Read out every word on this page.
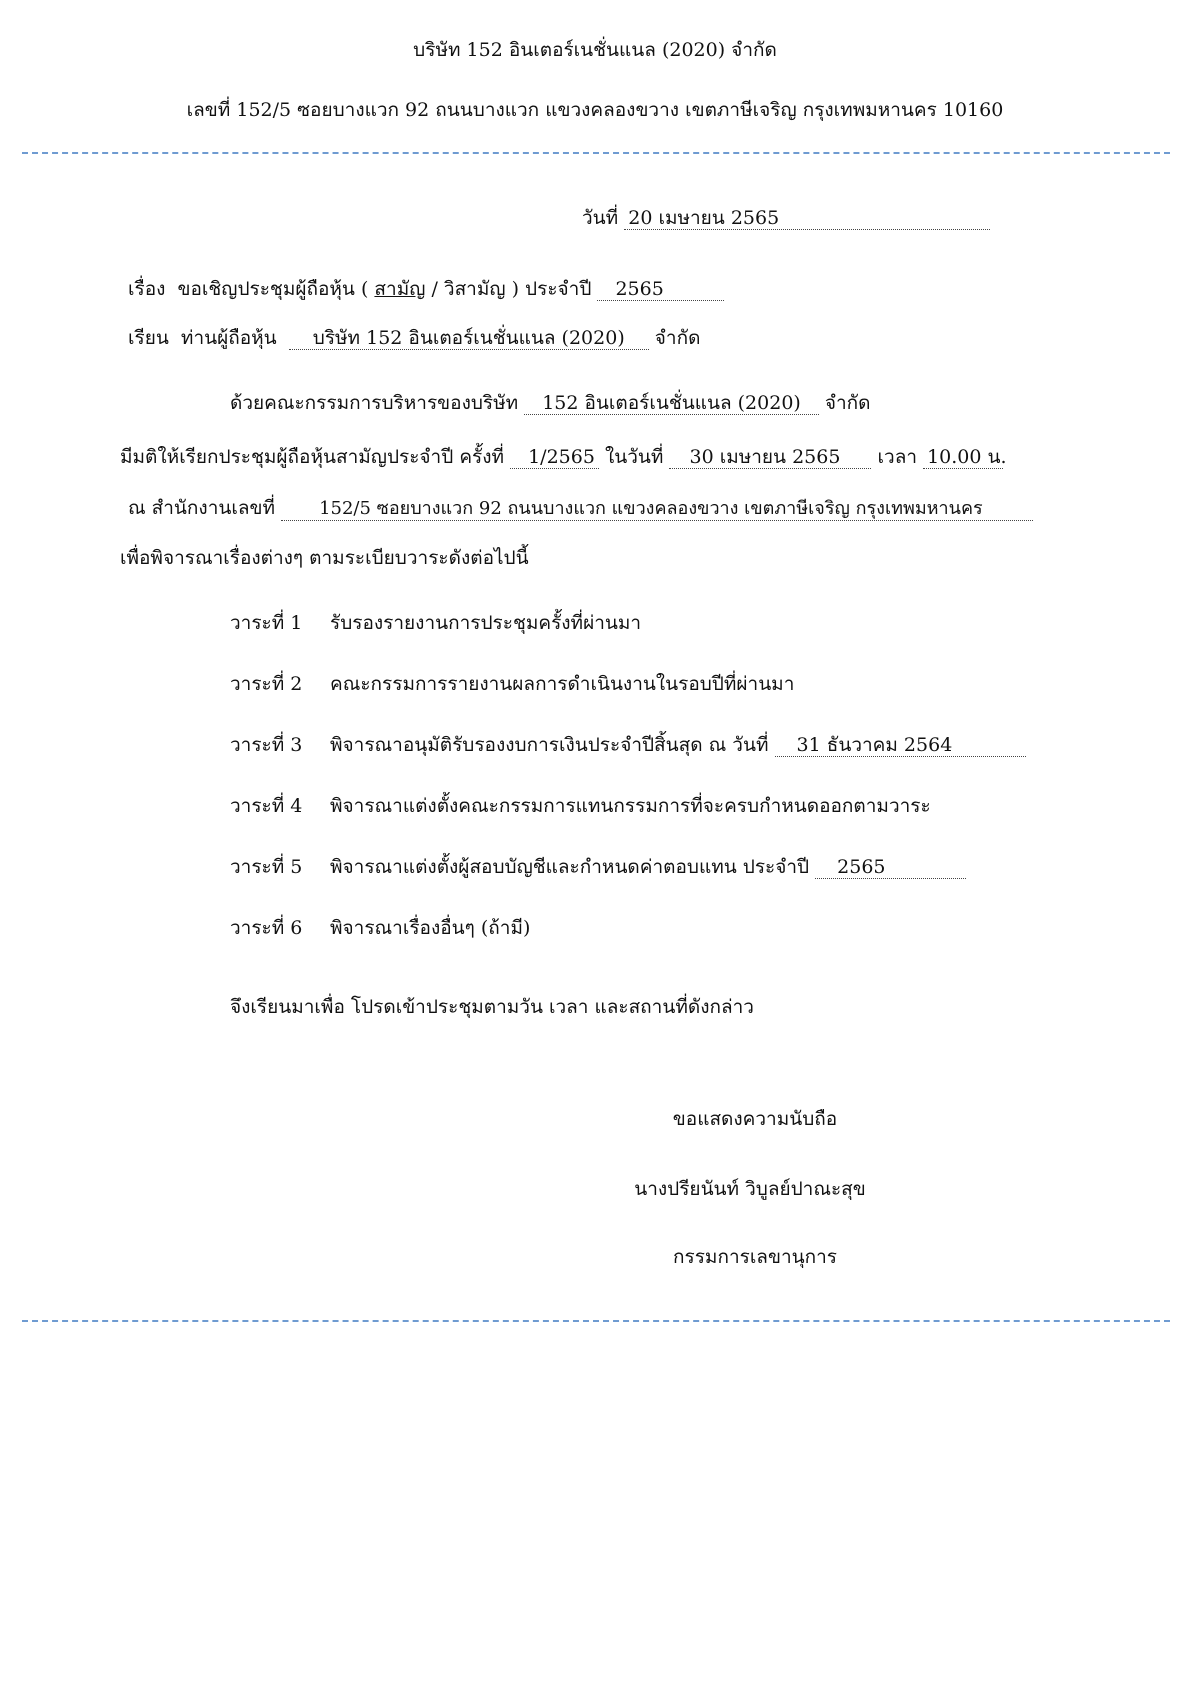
บริษัท 152 อินเตอร์เนชั่นแนล (2020) จำกัด
เลขที่ 152/5 ซอยบางแวก 92 ถนนบางแวก แขวงคลองขวาง เขตภาษีเจริญ กรุงเทพมหานคร 10160
วันที่ 20 เมษายน 2565
เรื่อง ขอเชิญประชุมผู้ถือหุ้น ( สามัญ / วิสามัญ ) ประจำปี 2565
เรียน ท่านผู้ถือหุ้น บริษัท 152 อินเตอร์เนชั่นแนล (2020) จำกัด
ด้วยคณะกรรมการบริหารของบริษัท 152 อินเตอร์เนชั่นแนล (2020) จำกัด
มีมติให้เรียกประชุมผู้ถือหุ้นสามัญประจำปี ครั้งที่ 1/2565 ในวันที่ 30 เมษายน 2565 เวลา 10.00 น.
ณ สำนักงานเลขที่ 152/5 ซอยบางแวก 92 ถนนบางแวก แขวงคลองขวาง เขตภาษีเจริญ กรุงเทพมหานคร
เพื่อพิจารณาเรื่องต่างๆ ตามระเบียบวาระดังต่อไปนี้
วาระที่ 1 รับรองรายงานการประชุมครั้งที่ผ่านมา
วาระที่ 2 คณะกรรมการรายงานผลการดำเนินงานในรอบปีที่ผ่านมา
วาระที่ 3 พิจารณาอนุมัติรับรองงบการเงินประจำปีสิ้นสุด ณ วันที่ 31 ธันวาคม 2564
วาระที่ 4 พิจารณาแต่งตั้งคณะกรรมการแทนกรรมการที่จะครบกำหนดออกตามวาระ
วาระที่ 5 พิจารณาแต่งตั้งผู้สอบบัญชีและกำหนดค่าตอบแทน ประจำปี 2565
วาระที่ 6 พิจารณาเรื่องอื่นๆ (ถ้ามี)
จึงเรียนมาเพื่อ โปรดเข้าประชุมตามวัน เวลา และสถานที่ดังกล่าว
ขอแสดงความนับถือ
นางปรียนันท์ วิบูลย์ปาณะสุข
กรรมการเลขานุการ
